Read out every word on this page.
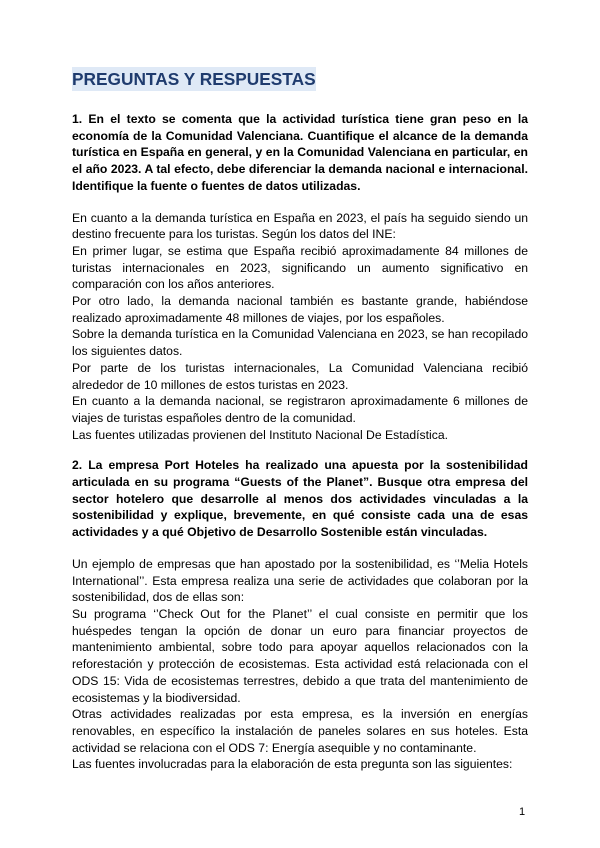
PREGUNTAS Y RESPUESTAS

1. En el texto se comenta que la actividad turística tiene gran peso en la economía de la Comunidad Valenciana. Cuantifique el alcance de la demanda turística en España en general, y en la Comunidad Valenciana en particular, en el año 2023. A tal efecto, debe diferenciar la demanda nacional e internacional. Identifique la fuente o fuentes de datos utilizadas.

En cuanto a la demanda turística en España en 2023, el país ha seguido siendo un destino frecuente para los turistas. Según los datos del INE:

En primer lugar, se estima que España recibió aproximadamente 84 millones de turistas internacionales en 2023, significando un aumento significativo en comparación con los años anteriores.

Por otro lado, la demanda nacional también es bastante grande, habiéndose realizado aproximadamente 48 millones de viajes, por los españoles.

Sobre la demanda turística en la Comunidad Valenciana en 2023, se han recopilado los siguientes datos.

Por parte de los turistas internacionales, La Comunidad Valenciana recibió alrededor de 10 millones de estos turistas en 2023.

En cuanto a la demanda nacional, se registraron aproximadamente 6 millones de viajes de turistas españoles dentro de la comunidad.

Las fuentes utilizadas provienen del Instituto Nacional De Estadística.

2. La empresa Port Hoteles ha realizado una apuesta por la sostenibilidad articulada en su programa “Guests of the Planet”. Busque otra empresa del sector hotelero que desarrolle al menos dos actividades vinculadas a la sostenibilidad y explique, brevemente, en qué consiste cada una de esas actividades y a qué Objetivo de Desarrollo Sostenible están vinculadas.

Un ejemplo de empresas que han apostado por la sostenibilidad, es ‘’Melia Hotels International’’. Esta empresa realiza una serie de actividades que colaboran por la sostenibilidad, dos de ellas son:

Su programa ‘’Check Out for the Planet’’ el cual consiste en permitir que los huéspedes tengan la opción de donar un euro para financiar proyectos de mantenimiento ambiental, sobre todo para apoyar aquellos relacionados con la reforestación y protección de ecosistemas. Esta actividad está relacionada con el ODS 15: Vida de ecosistemas terrestres, debido a que trata del mantenimiento de ecosistemas y la biodiversidad.

Otras actividades realizadas por esta empresa, es la inversión en energías renovables, en específico la instalación de paneles solares en sus hoteles. Esta actividad se relaciona con el ODS 7: Energía asequible y no contaminante.

Las fuentes involucradas para la elaboración de esta pregunta son las siguientes:

1
